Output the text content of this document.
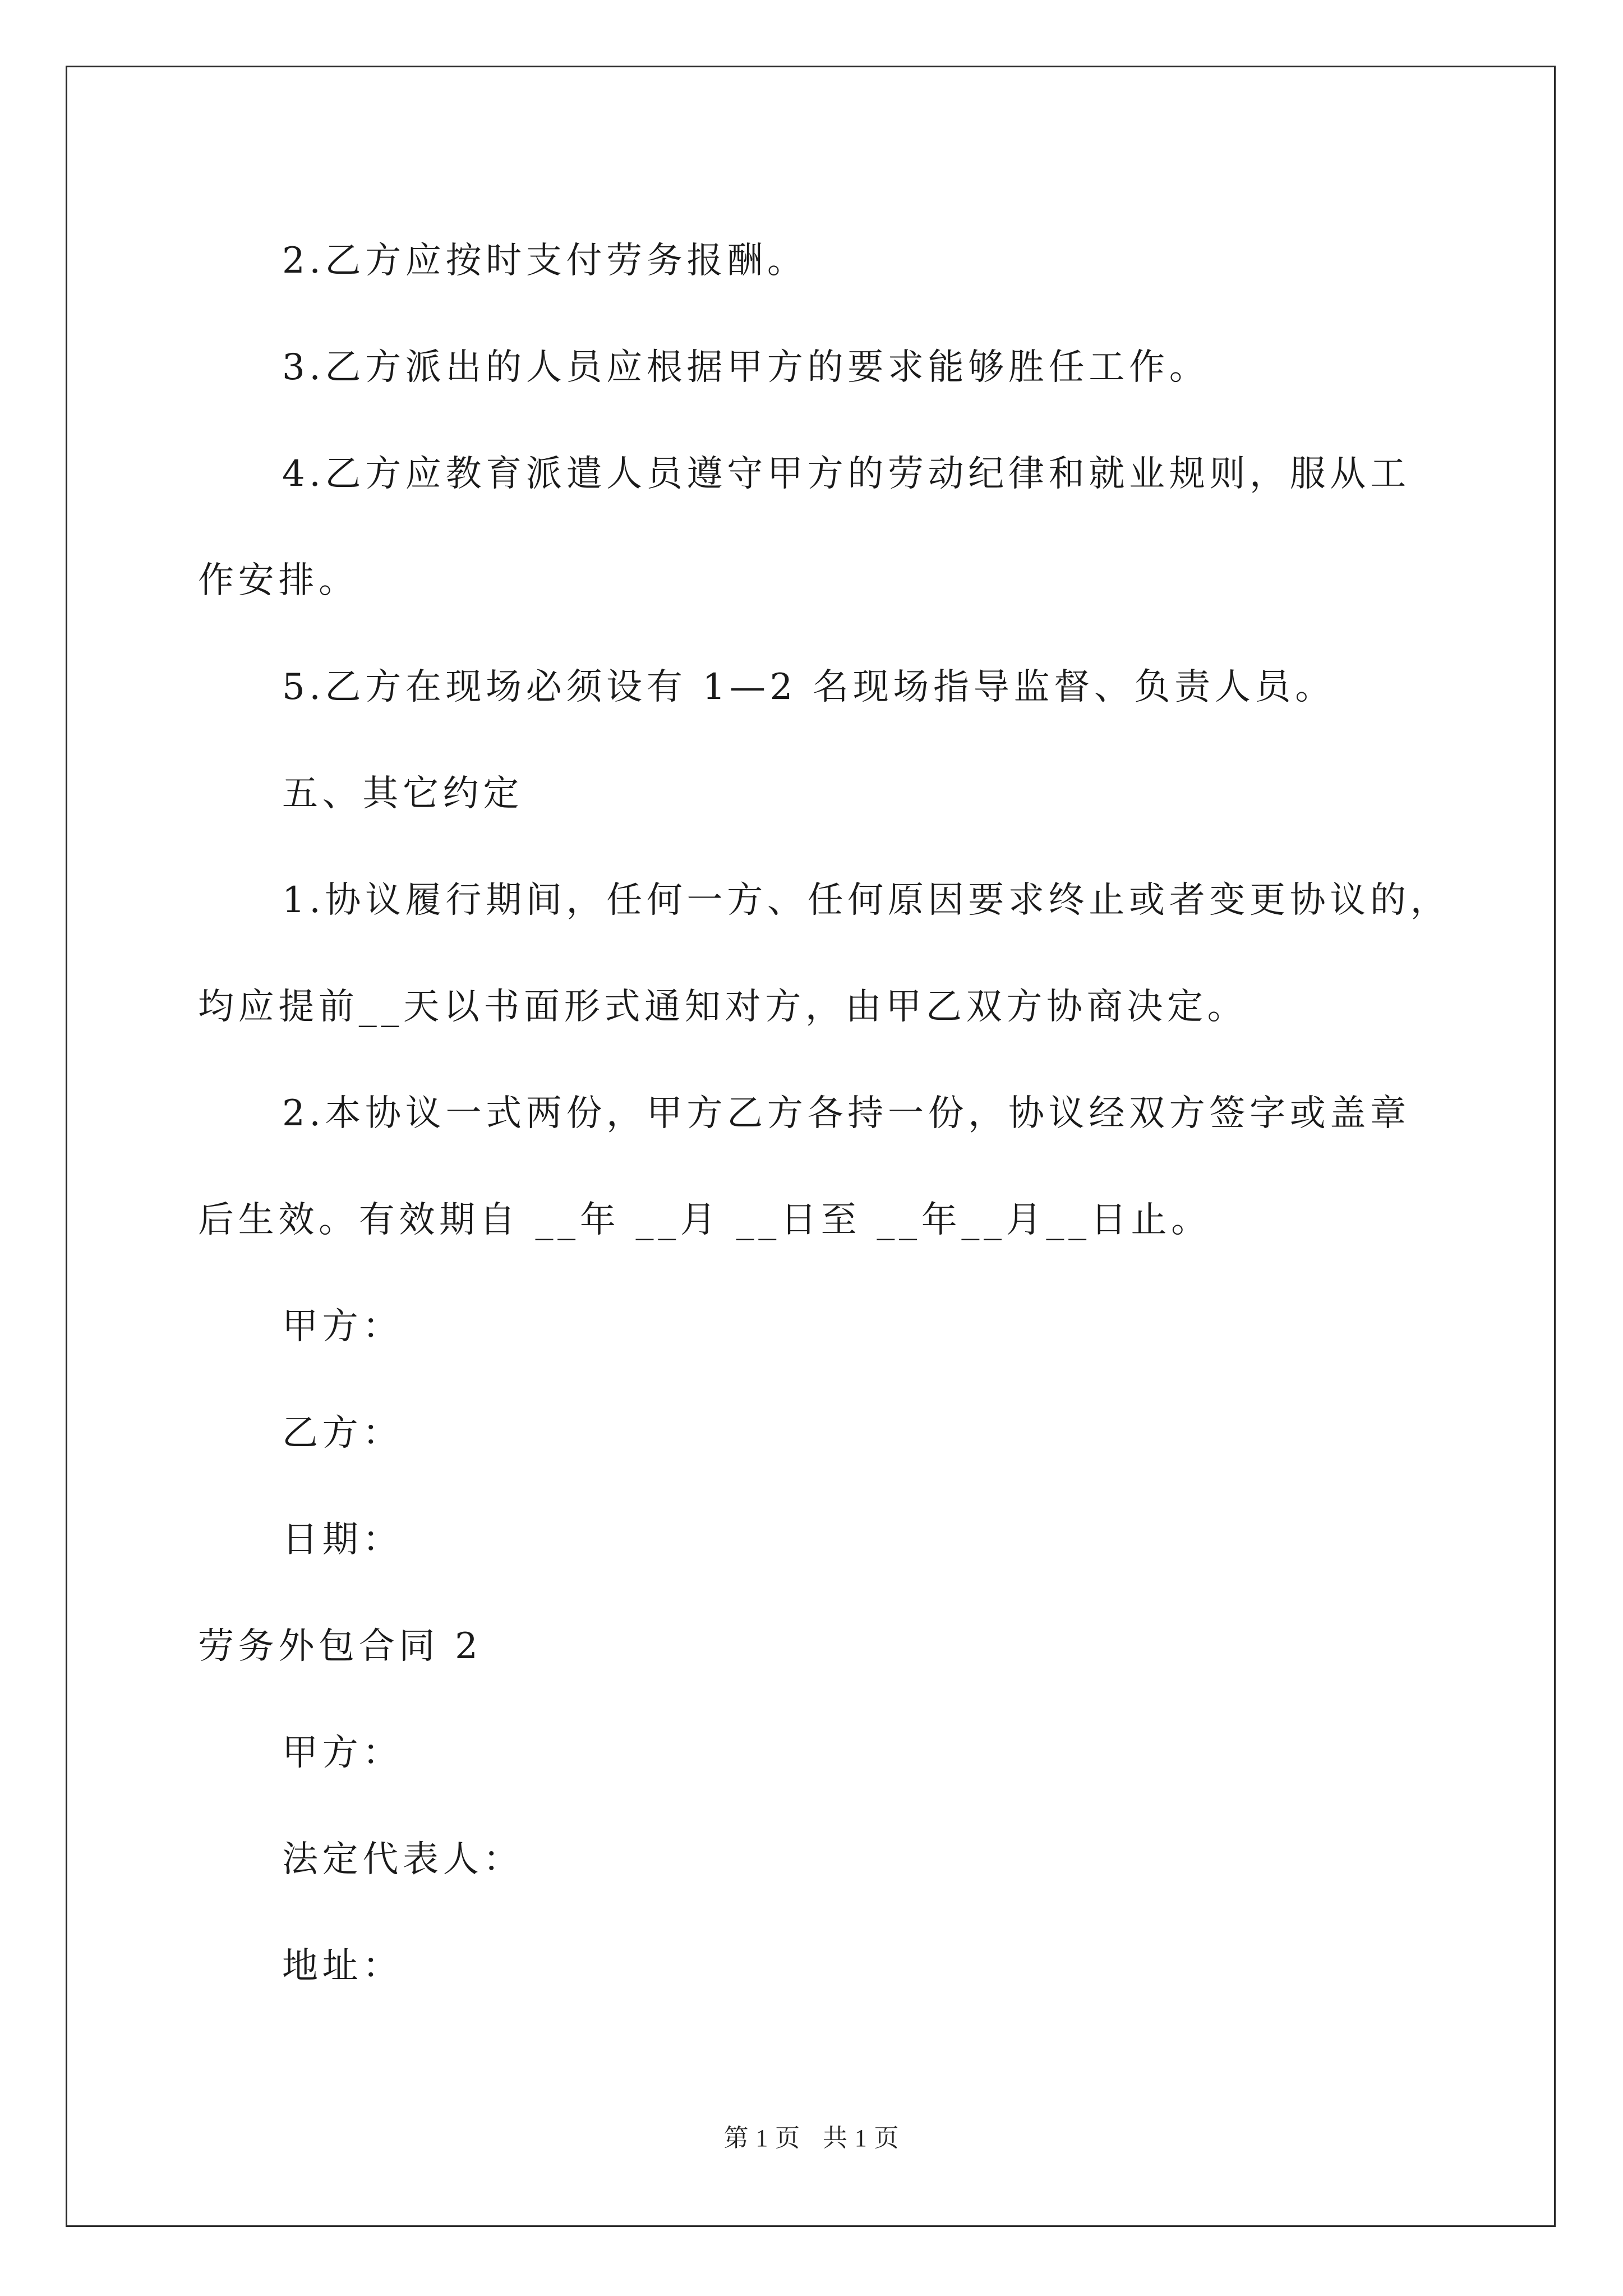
2.乙方应按时支付劳务报酬。

3.乙方派出的人员应根据甲方的要求能够胜任工作。

4.乙方应教育派遣人员遵守甲方的劳动纪律和就业规则，服从工

作安排。

5.乙方在现场必须设有 1—2 名现场指导监督、负责人员。

五、其它约定

1.协议履行期间，任何一方、任何原因要求终止或者变更协议的，

均应提前__天以书面形式通知对方，由甲乙双方协商决定。

2.本协议一式两份，甲方乙方各持一份，协议经双方签字或盖章

后生效。有效期自 __年 __月 __日至 __年__月__日止。

甲方：

乙方：

日期：

劳务外包合同 2

甲方：

法定代表人：

地址：

第 1 页 共 1 页
